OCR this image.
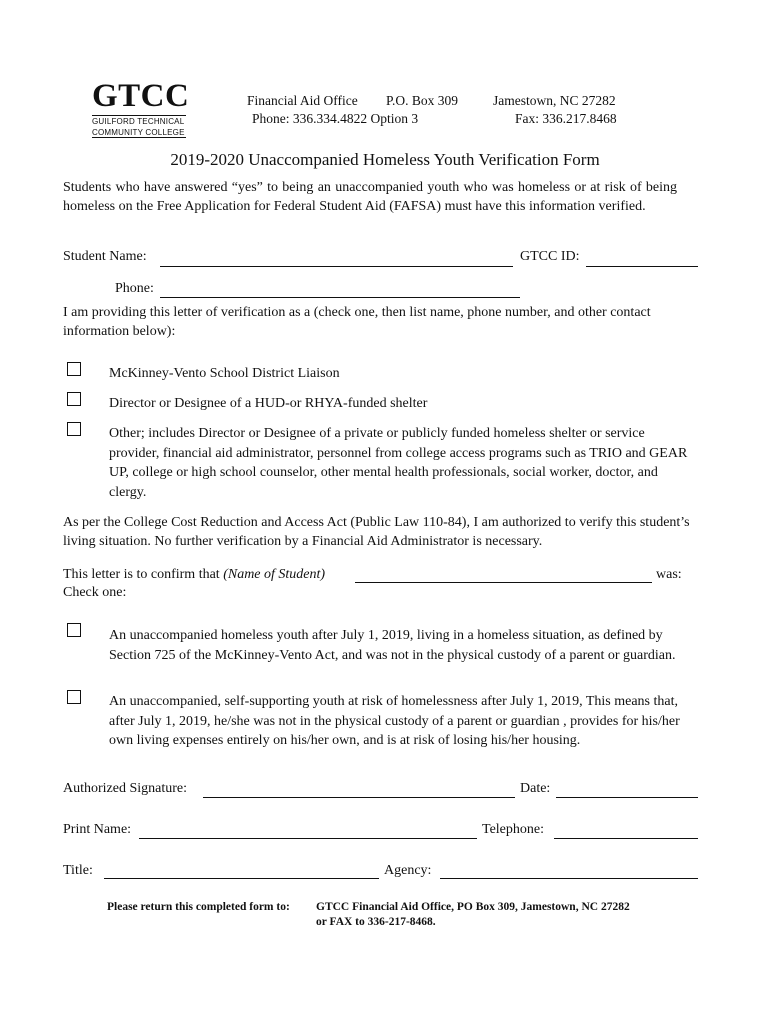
GTCC
GUILFORD TECHNICAL
COMMUNITY COLLEGE
Financial Aid Office P.O. Box 309	Jamestown, NC 27282
Phone: 336.334.4822 Option 3	Fax: 336.217.8468
2019-2020 Unaccompanied Homeless Youth Verification Form
Students who have answered “yes” to being an unaccompanied youth who was homeless or at risk of being homeless on the Free Application for Federal Student Aid (FAFSA) must have this information verified.
Student Name:	GTCC ID:
Phone:
I am providing this letter of verification as a (check one, then list name, phone number, and other contact information below):
McKinney-Vento School District Liaison
Director or Designee of a HUD-or RHYA-funded shelter
Other; includes Director or Designee of a private or publicly funded homeless shelter or service provider, financial aid administrator, personnel from college access programs such as TRIO and GEAR UP, college or high school counselor, other mental health professionals, social worker, doctor, and clergy.
As per the College Cost Reduction and Access Act (Public Law 110-84), I am authorized to verify this student’s living situation. No further verification by a Financial Aid Administrator is necessary.
This letter is to confirm that (Name of Student)	was:
Check one:
An unaccompanied homeless youth after July 1, 2019, living in a homeless situation, as defined by Section 725 of the McKinney-Vento Act, and was not in the physical custody of a parent or guardian.
An unaccompanied, self-supporting youth at risk of homelessness after July 1, 2019, This means that, after July 1, 2019, he/she was not in the physical custody of a parent or guardian , provides for his/her own living expenses entirely on his/her own, and is at risk of losing his/her housing.
Authorized Signature:	Date:
Print Name:	Telephone:
Title:	Agency:
Please return this completed form to: GTCC Financial Aid Office, PO Box 309, Jamestown, NC 27282
or FAX to 336-217-8468.
